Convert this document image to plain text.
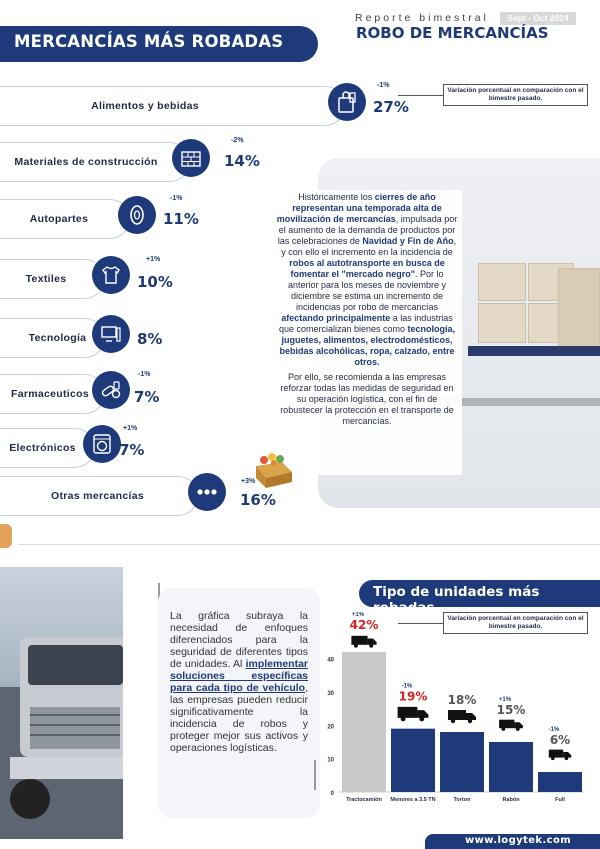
MERCANCÍAS MÁS ROBADAS
Reporte bimestral	Sept - Oct 2024
ROBO DE MERCANCÍAS
Variación porcentual en comparación con el bimestre pasado.
Históricamente los cierres de año representan una temporada alta de movilización de mercancías, impulsada por el aumento de la demanda de productos por las celebraciones de Navidad y Fin de Año, y con ello el incremento en la incidencia de robos al autotransporte en busca de fomentar el "mercado negro". Por lo anterior para los meses de noviembre y diciembre se estima un incremento de incidencias por robo de mercancías afectando principalmente a las industrias que comercializan bienes como tecnología, juguetes, alimentos, electrodomésticos, bebidas alcohólicas, ropa, calzado, entre otros.
Por ello, se recomienda a las empresas reforzar todas las medidas de seguridad en su operación logística, con el fin de robustecer la protección en el transporte de mercancías.
Alimentos y bebidas	27%
-1%
Materiales de construcción	14%
-2%
Autopartes	11%
-1%
Textiles	10%
+1%
Tecnología	8%
Farmaceuticos	7%
-1%
Electrónicos	7%
+1%
Otras mercancías	16%
+3%
La gráfica subraya la necesidad de enfoques diferenciados para la seguridad de diferentes tipos de unidades. Al implementar soluciones específicas para cada tipo de vehículo, las empresas pueden reducir significativamente la incidencia de robos y proteger mejor sus activos y operaciones logísticas.
Tipo de unidades más robadas
Variación porcentual en comparación con el bimestre pasado.
0
10
20
30
40
Tractocamión
42%
+1%
Menores a 3.5 TN
19%
-1%
Torton
18%
Rabón
15%
+1%
Full
6%
-1%
www.logytek.com
